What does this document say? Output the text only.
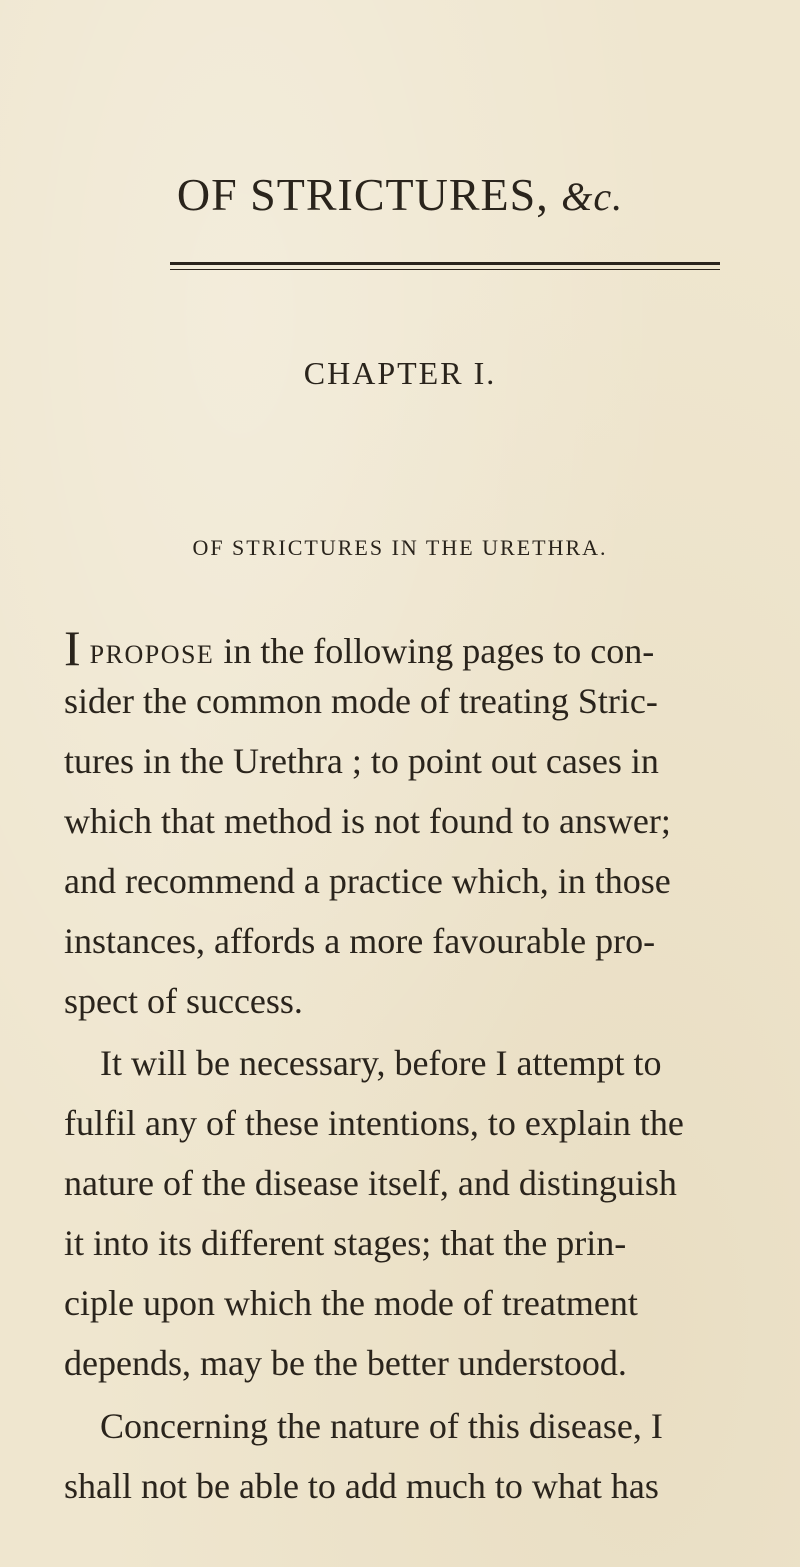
OF STRICTURES, &c.
CHAPTER I.
OF STRICTURES IN THE URETHRA.
I PROPOSE in the following pages to con-
sider the common mode of treating Stric-
tures in the Urethra ; to point out cases in
which that method is not found to answer;
and recommend a practice which, in those
instances, affords a more favourable pro-
spect of success.
It will be necessary, before I attempt to
fulfil any of these intentions, to explain the
nature of the disease itself, and distinguish
it into its different stages; that the prin-
ciple upon which the mode of treatment
depends, may be the better understood.
Concerning the nature of this disease, I
shall not be able to add much to what has
